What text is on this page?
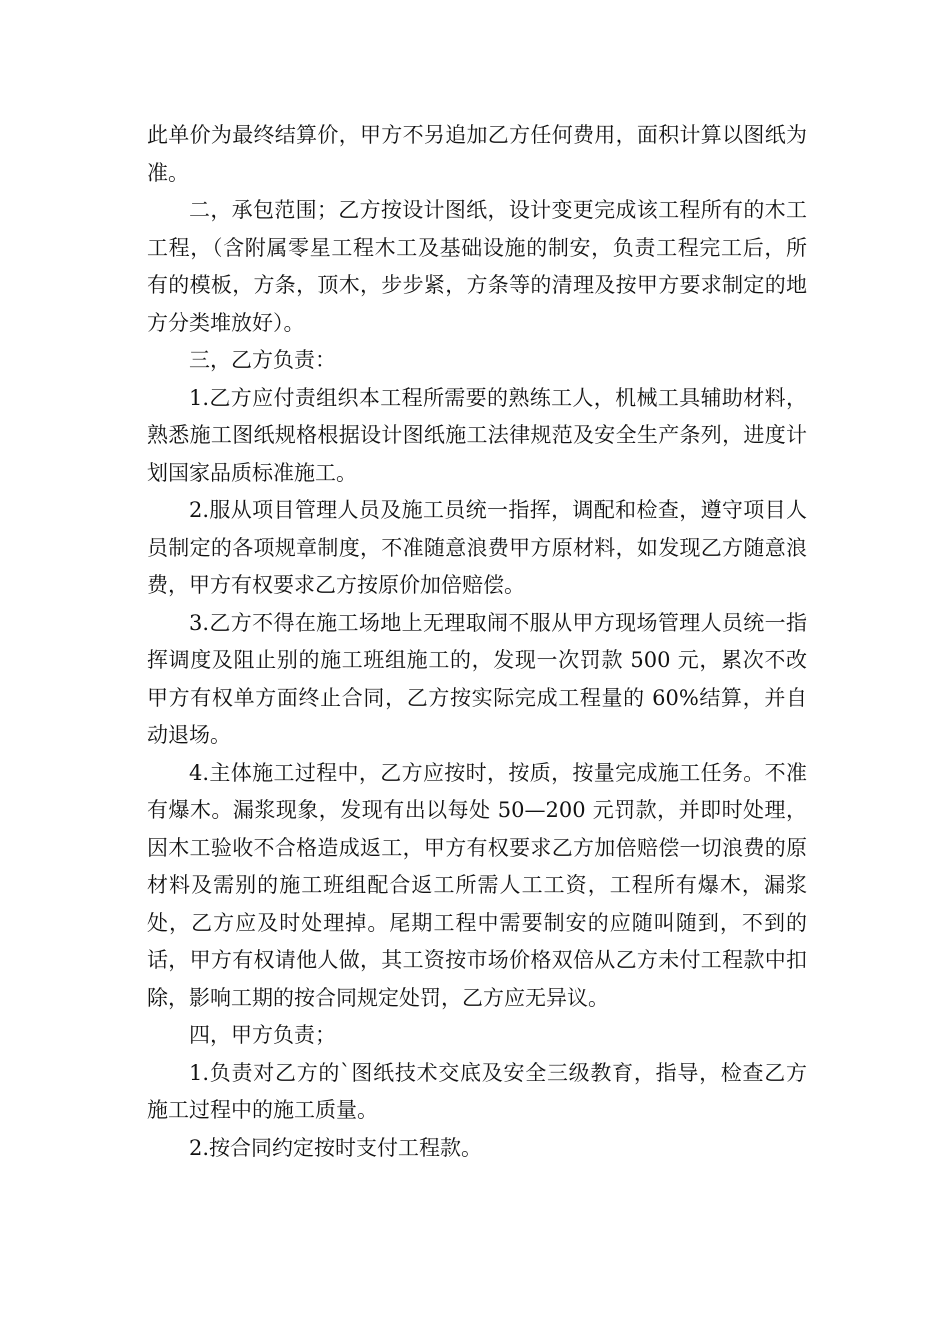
此单价为最终结算价，甲方不另追加乙方任何费用，面积计算以图纸为准。

二，承包范围；乙方按设计图纸，设计变更完成该工程所有的木工工程，（含附属零星工程木工及基础设施的制安，负责工程完工后，所有的模板，方条，顶木，步步紧，方条等的清理及按甲方要求制定的地方分类堆放好）。

三，乙方负责：

1.乙方应付责组织本工程所需要的熟练工人，机械工具辅助材料，熟悉施工图纸规格根据设计图纸施工法律规范及安全生产条列，进度计划国家品质标准施工。

2.服从项目管理人员及施工员统一指挥，调配和检查，遵守项目人员制定的各项规章制度，不准随意浪费甲方原材料，如发现乙方随意浪费，甲方有权要求乙方按原价加倍赔偿。

3.乙方不得在施工场地上无理取闹不服从甲方现场管理人员统一指挥调度及阻止别的施工班组施工的，发现一次罚款 500 元，累次不改甲方有权单方面终止合同，乙方按实际完成工程量的 60%结算，并自动退场。

4.主体施工过程中，乙方应按时，按质，按量完成施工任务。不准有爆木。漏浆现象，发现有出以每处 50—200 元罚款，并即时处理，因木工验收不合格造成返工，甲方有权要求乙方加倍赔偿一切浪费的原材料及需别的施工班组配合返工所需人工工资，工程所有爆木，漏浆处，乙方应及时处理掉。尾期工程中需要制安的应随叫随到，不到的话，甲方有权请他人做，其工资按市场价格双倍从乙方未付工程款中扣除，影响工期的按合同规定处罚，乙方应无异议。

四，甲方负责；

1.负责对乙方的`图纸技术交底及安全三级教育，指导，检查乙方施工过程中的施工质量。

2.按合同约定按时支付工程款。
